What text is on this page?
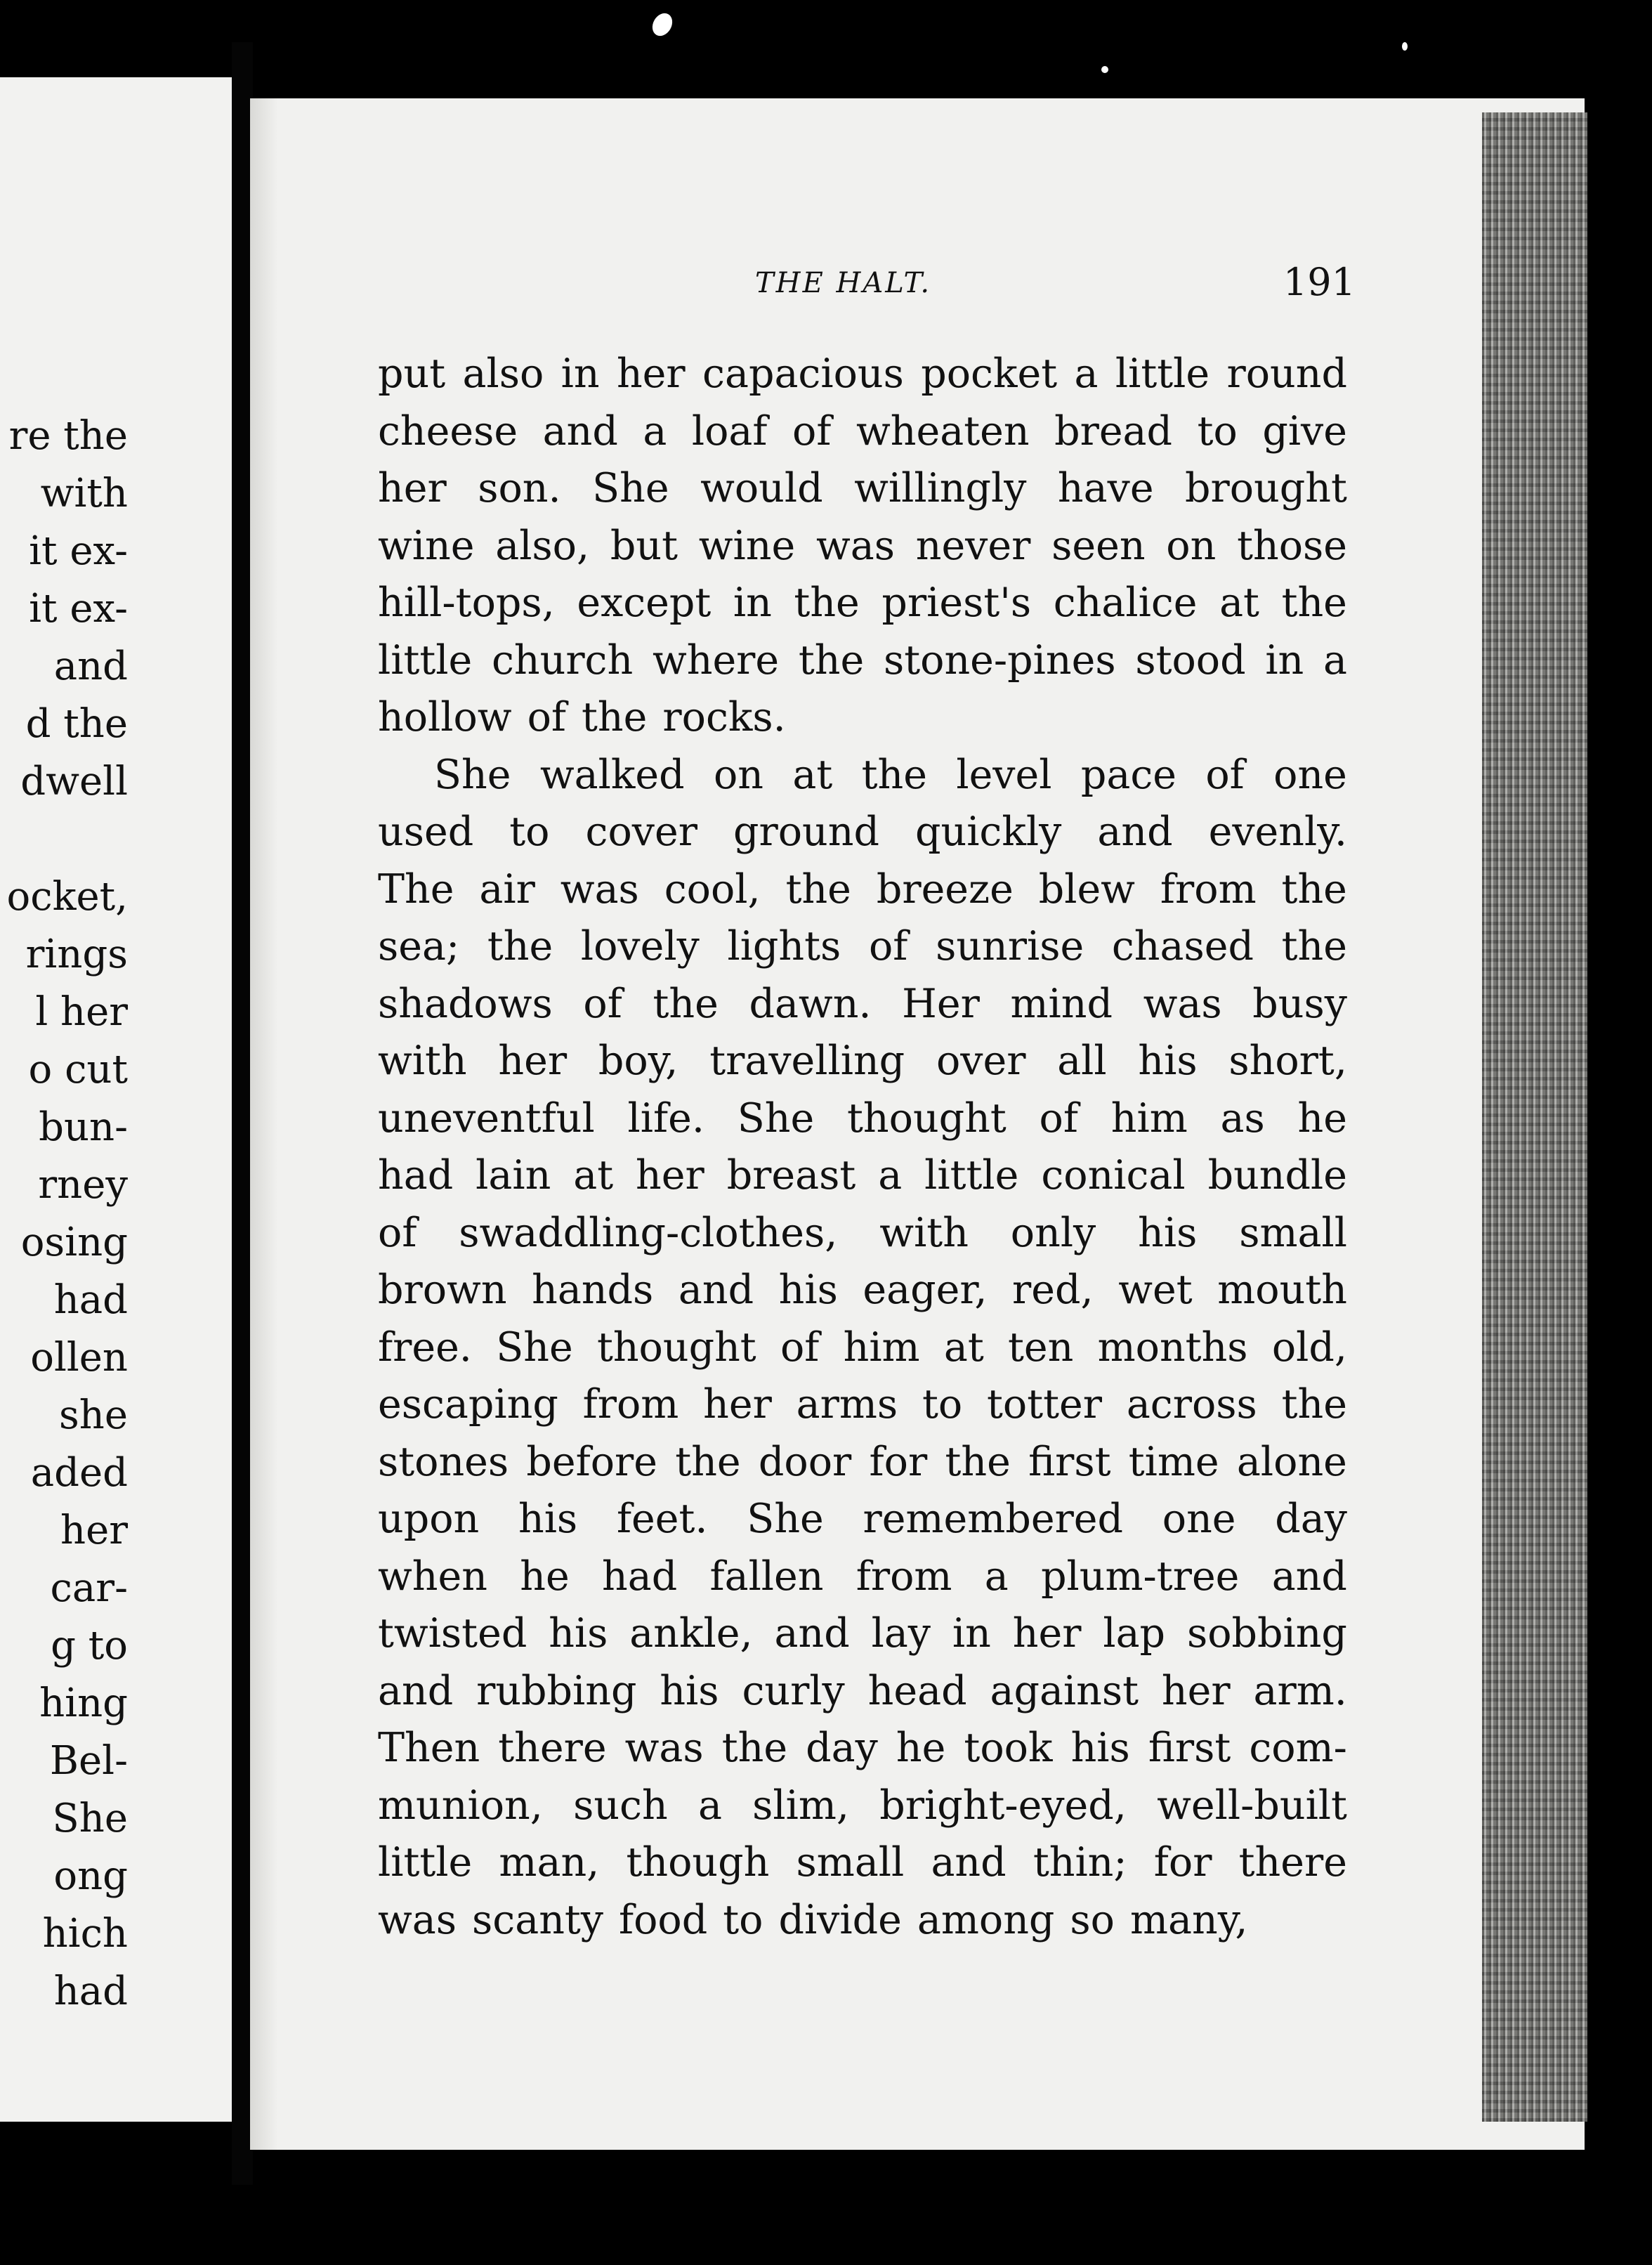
re the
with
it ex-
it ex-
and
d the
dwell

ocket,
rings
l her
o cut
bun-
rney
osing
had
ollen
she
aded
her
car-
g to
hing
Bel-
She
ong
hich
had
THE HALT.	191
put also in her capacious pocket a little round
cheese and a loaf of wheaten bread to give
her son. She would willingly have brought
wine also, but wine was never seen on those
hill-tops, except in the priest's chalice at the
little church where the stone-pines stood in a
hollow of the rocks.
She walked on at the level pace of one
used to cover ground quickly and evenly.
The air was cool, the breeze blew from the
sea; the lovely lights of sunrise chased the
shadows of the dawn. Her mind was busy
with her boy, travelling over all his short,
uneventful life. She thought of him as he
had lain at her breast a little conical bundle
of swaddling-clothes, with only his small
brown hands and his eager, red, wet mouth
free. She thought of him at ten months old,
escaping from her arms to totter across the
stones before the door for the first time alone
upon his feet. She remembered one day
when he had fallen from a plum-tree and
twisted his ankle, and lay in her lap sobbing
and rubbing his curly head against her arm.
Then there was the day he took his first com-
munion, such a slim, bright-eyed, well-built
little man, though small and thin; for there
was scanty food to divide among so many,
